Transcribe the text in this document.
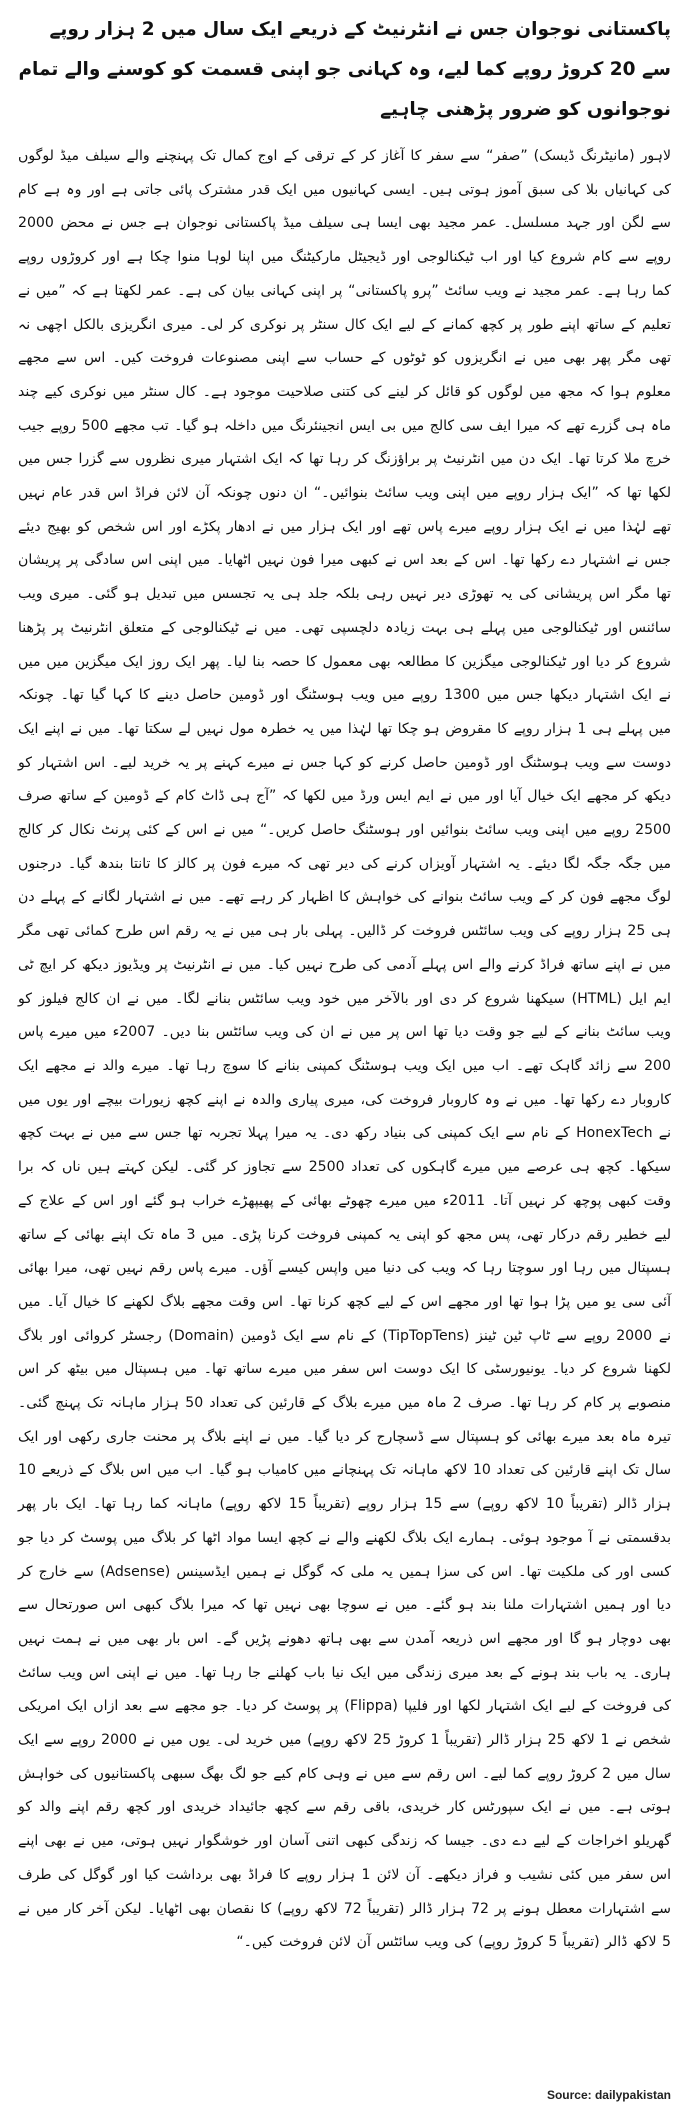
پاکستانی نوجوان جس نے انٹرنیٹ کے ذریعے ایک سال میں 2 ہزار روپے سے 20 کروڑ روپے کما لیے، وہ کہانی جو اپنی قسمت کو کوسنے والے تمام نوجوانوں کو ضرور پڑھنی چاہیے

لاہور (مانیٹرنگ ڈیسک) ”صفر“ سے سفر کا آغاز کر کے ترقی کے اوج کمال تک پہنچنے والے سیلف میڈ لوگوں کی کہانیاں بلا کی سبق آموز ہوتی ہیں۔ ایسی کہانیوں میں ایک قدر مشترک پائی جاتی ہے اور وہ ہے کام سے لگن اور جہد مسلسل۔ عمر مجید بھی ایسا ہی سیلف میڈ پاکستانی نوجوان ہے جس نے محض 2000 روپے سے کام شروع کیا اور اب ٹیکنالوجی اور ڈیجیٹل مارکیٹنگ میں اپنا لوہا منوا چکا ہے اور کروڑوں روپے کما رہا ہے۔ عمر مجید نے ویب سائٹ ”پرو پاکستانی“ پر اپنی کہانی بیان کی ہے۔ عمر لکھتا ہے کہ ”میں نے تعلیم کے ساتھ اپنے طور پر کچھ کمانے کے لیے ایک کال سنٹر پر نوکری کر لی۔ میری انگریزی بالکل اچھی نہ تھی مگر پھر بھی میں نے انگریزوں کو ٹوٹوں کے حساب سے اپنی مصنوعات فروخت کیں۔ اس سے مجھے معلوم ہوا کہ مجھ میں لوگوں کو قائل کر لینے کی کتنی صلاحیت موجود ہے۔ کال سنٹر میں نوکری کیے چند ماہ ہی گزرے تھے کہ میرا ایف سی کالج میں بی ایس انجینئرنگ میں داخلہ ہو گیا۔ تب مجھے 500 روپے جیب خرچ ملا کرتا تھا۔ ایک دن میں انٹرنیٹ پر براؤزنگ کر رہا تھا کہ ایک اشتہار میری نظروں سے گزرا جس میں لکھا تھا کہ ”ایک ہزار روپے میں اپنی ویب سائٹ بنوائیں۔“ ان دنوں چونکہ آن لائن فراڈ اس قدر عام نہیں تھے لہٰذا میں نے ایک ہزار روپے میرے پاس تھے اور ایک ہزار میں نے ادھار پکڑے اور اس شخص کو بھیج دیئے جس نے اشتہار دے رکھا تھا۔ اس کے بعد اس نے کبھی میرا فون نہیں اٹھایا۔ میں اپنی اس سادگی پر پریشان تھا مگر اس پریشانی کی یہ تھوڑی دیر نہیں رہی بلکہ جلد ہی یہ تجسس میں تبدیل ہو گئی۔ میری ویب سائنس اور ٹیکنالوجی میں پہلے ہی بہت زیادہ دلچسپی تھی۔ میں نے ٹیکنالوجی کے متعلق انٹرنیٹ پر پڑھنا شروع کر دیا اور ٹیکنالوجی میگزین کا مطالعہ بھی معمول کا حصہ بنا لیا۔ پھر ایک روز ایک میگزین میں میں نے ایک اشتہار دیکھا جس میں 1300 روپے میں ویب ہوسٹنگ اور ڈومین حاصل دینے کا کہا گیا تھا۔ چونکہ میں پہلے ہی 1 ہزار روپے کا مقروض ہو چکا تھا لہٰذا میں یہ خطرہ مول نہیں لے سکتا تھا۔ میں نے اپنے ایک دوست سے ویب ہوسٹنگ اور ڈومین حاصل کرنے کو کہا جس نے میرے کہنے پر یہ خرید لیے۔ اس اشتہار کو دیکھ کر مجھے ایک خیال آیا اور میں نے ایم ایس ورڈ میں لکھا کہ ”آج ہی ڈاٹ کام کے ڈومین کے ساتھ صرف 2500 روپے میں اپنی ویب سائٹ بنوائیں اور ہوسٹنگ حاصل کریں۔“ میں نے اس کے کئی پرنٹ نکال کر کالج میں جگہ جگہ لگا دیئے۔ یہ اشتہار آویزاں کرنے کی دیر تھی کہ میرے فون پر کالز کا تانتا بندھ گیا۔ درجنوں لوگ مجھے فون کر کے ویب سائٹ بنوانے کی خواہش کا اظہار کر رہے تھے۔ میں نے اشتہار لگانے کے پہلے دن ہی 25 ہزار روپے کی ویب سائٹس فروخت کر ڈالیں۔ پہلی بار ہی میں نے یہ رقم اس طرح کمائی تھی مگر میں نے اپنے ساتھ فراڈ کرنے والے اس پہلے آدمی کی طرح نہیں کیا۔ میں نے انٹرنیٹ پر ویڈیوز دیکھ کر ایچ ٹی ایم ایل (HTML) سیکھنا شروع کر دی اور بالآخر میں خود ویب سائٹس بنانے لگا۔ میں نے ان کالج فیلوز کو ویب سائٹ بنانے کے لیے جو وقت دیا تھا اس پر میں نے ان کی ویب سائٹس بنا دیں۔ 2007ء میں میرے پاس 200 سے زائد گاہک تھے۔ اب میں ایک ویب ہوسٹنگ کمپنی بنانے کا سوچ رہا تھا۔ میرے والد نے مجھے ایک کاروبار دے رکھا تھا۔ میں نے وہ کاروبار فروخت کی، میری پیاری والدہ نے اپنے کچھ زیورات بیچے اور یوں میں نے HonexTech کے نام سے ایک کمپنی کی بنیاد رکھ دی۔ یہ میرا پہلا تجربہ تھا جس سے میں نے بہت کچھ سیکھا۔ کچھ ہی عرصے میں میرے گاہکوں کی تعداد 2500 سے تجاوز کر گئی۔ لیکن کہتے ہیں ناں کہ برا وقت کبھی پوچھ کر نہیں آتا۔ 2011ء میں میرے چھوٹے بھائی کے پھیپھڑے خراب ہو گئے اور اس کے علاج کے لیے خطیر رقم درکار تھی، پس مجھ کو اپنی یہ کمپنی فروخت کرنا پڑی۔ میں 3 ماہ تک اپنے بھائی کے ساتھ ہسپتال میں رہا اور سوچتا رہا کہ ویب کی دنیا میں واپس کیسے آؤں۔ میرے پاس رقم نہیں تھی، میرا بھائی آئی سی یو میں پڑا ہوا تھا اور مجھے اس کے لیے کچھ کرنا تھا۔ اس وقت مجھے بلاگ لکھنے کا خیال آیا۔ میں نے 2000 روپے سے ٹاپ ٹین ٹینز (TipTopTens) کے نام سے ایک ڈومین (Domain) رجسٹر کروائی اور بلاگ لکھنا شروع کر دیا۔ یونیورسٹی کا ایک دوست اس سفر میں میرے ساتھ تھا۔ میں ہسپتال میں بیٹھ کر اس منصوبے پر کام کر رہا تھا۔ صرف 2 ماہ میں میرے بلاگ کے قارئین کی تعداد 50 ہزار ماہانہ تک پہنچ گئی۔ تیرہ ماہ بعد میرے بھائی کو ہسپتال سے ڈسچارج کر دیا گیا۔ میں نے اپنے بلاگ پر محنت جاری رکھی اور ایک سال تک اپنے قارئین کی تعداد 10 لاکھ ماہانہ تک پہنچانے میں کامیاب ہو گیا۔ اب میں اس بلاگ کے ذریعے 10 ہزار ڈالر (تقریباً 10 لاکھ روپے) سے 15 ہزار روپے (تقریباً 15 لاکھ روپے) ماہانہ کما رہا تھا۔ ایک بار پھر بدقسمتی نے آ موجود ہوئی۔ ہمارے ایک بلاگ لکھنے والے نے کچھ ایسا مواد اٹھا کر بلاگ میں پوسٹ کر دیا جو کسی اور کی ملکیت تھا۔ اس کی سزا ہمیں یہ ملی کہ گوگل نے ہمیں ایڈسینس (Adsense) سے خارج کر دیا اور ہمیں اشتہارات ملنا بند ہو گئے۔ میں نے سوچا بھی نہیں تھا کہ میرا بلاگ کبھی اس صورتحال سے بھی دوچار ہو گا اور مجھے اس ذریعہ آمدن سے بھی ہاتھ دھونے پڑیں گے۔ اس بار بھی میں نے ہمت نہیں ہاری۔ یہ باب بند ہونے کے بعد میری زندگی میں ایک نیا باب کھلنے جا رہا تھا۔ میں نے اپنی اس ویب سائٹ کی فروخت کے لیے ایک اشتہار لکھا اور فلیپا (Flippa) پر پوسٹ کر دیا۔ جو مجھے سے بعد ازاں ایک امریکی شخص نے 1 لاکھ 25 ہزار ڈالر (تقریباً 1 کروڑ 25 لاکھ روپے) میں خرید لی۔ یوں میں نے 2000 روپے سے ایک سال میں 2 کروڑ روپے کما لیے۔ اس رقم سے میں نے وہی کام کیے جو لگ بھگ سبھی پاکستانیوں کی خواہش ہوتی ہے۔ میں نے ایک سپورٹس کار خریدی، باقی رقم سے کچھ جائیداد خریدی اور کچھ رقم اپنے والد کو گھریلو اخراجات کے لیے دے دی۔ جیسا کہ زندگی کبھی اتنی آسان اور خوشگوار نہیں ہوتی، میں نے بھی اپنے اس سفر میں کئی نشیب و فراز دیکھے۔ آن لائن 1 ہزار روپے کا فراڈ بھی برداشت کیا اور گوگل کی طرف سے اشتہارات معطل ہونے پر 72 ہزار ڈالر (تقریباً 72 لاکھ روپے) کا نقصان بھی اٹھایا۔ لیکن آخر کار میں نے 5 لاکھ ڈالر (تقریباً 5 کروڑ روپے) کی ویب سائٹس آن لائن فروخت کیں۔“

Source: dailypakistan
